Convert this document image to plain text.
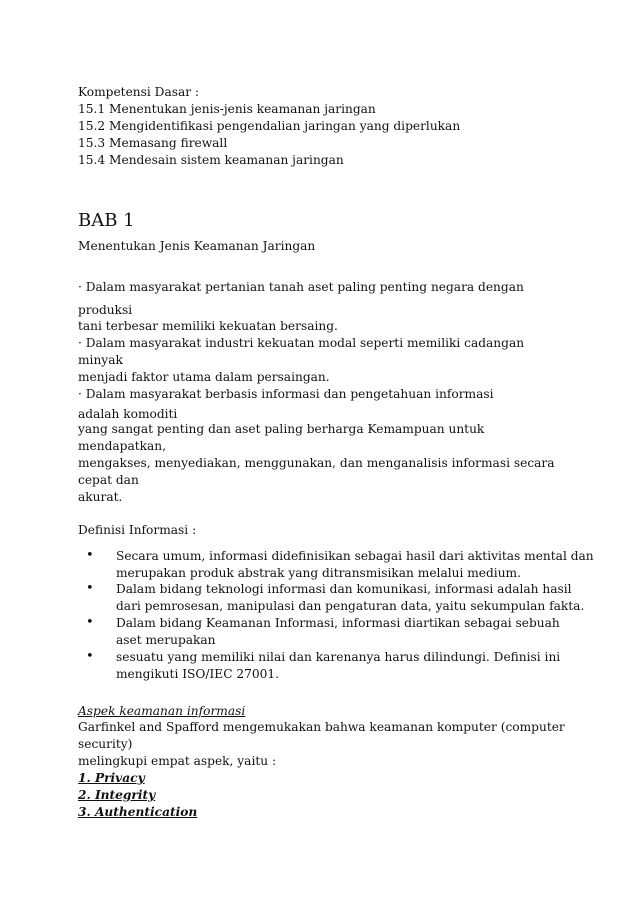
Kompetensi Dasar :
15.1 Menentukan jenis-jenis keamanan jaringan
15.2 Mengidentifikasi pengendalian jaringan yang diperlukan
15.3 Memasang firewall
15.4 Mendesain sistem keamanan jaringan
BAB 1
Menentukan Jenis Keamanan Jaringan
· Dalam masyarakat pertanian tanah aset paling penting negara dengan
produksi
tani terbesar memiliki kekuatan bersaing.
· Dalam masyarakat industri kekuatan modal seperti memiliki cadangan
minyak
menjadi faktor utama dalam persaingan.
· Dalam masyarakat berbasis informasi dan pengetahuan informasi
adalah komoditi
yang sangat penting dan aset paling berharga Kemampuan untuk
mendapatkan,
mengakses, menyediakan, menggunakan, dan menganalisis informasi secara
cepat dan
akurat.
Definisi Informasi :
• Secara umum, informasi didefinisikan sebagai hasil dari aktivitas mental dan
merupakan produk abstrak yang ditransmisikan melalui medium.
• Dalam bidang teknologi informasi dan komunikasi, informasi adalah hasil
dari pemrosesan, manipulasi dan pengaturan data, yaitu sekumpulan fakta.
• Dalam bidang Keamanan Informasi, informasi diartikan sebagai sebuah
aset merupakan
• sesuatu yang memiliki nilai dan karenanya harus dilindungi. Definisi ini
mengikuti ISO/IEC 27001.
Aspek keamanan informasi
Garfinkel and Spafford mengemukakan bahwa keamanan komputer (computer
security)
melingkupi empat aspek, yaitu :
1. Privacy
2. Integrity
3. Authentication
